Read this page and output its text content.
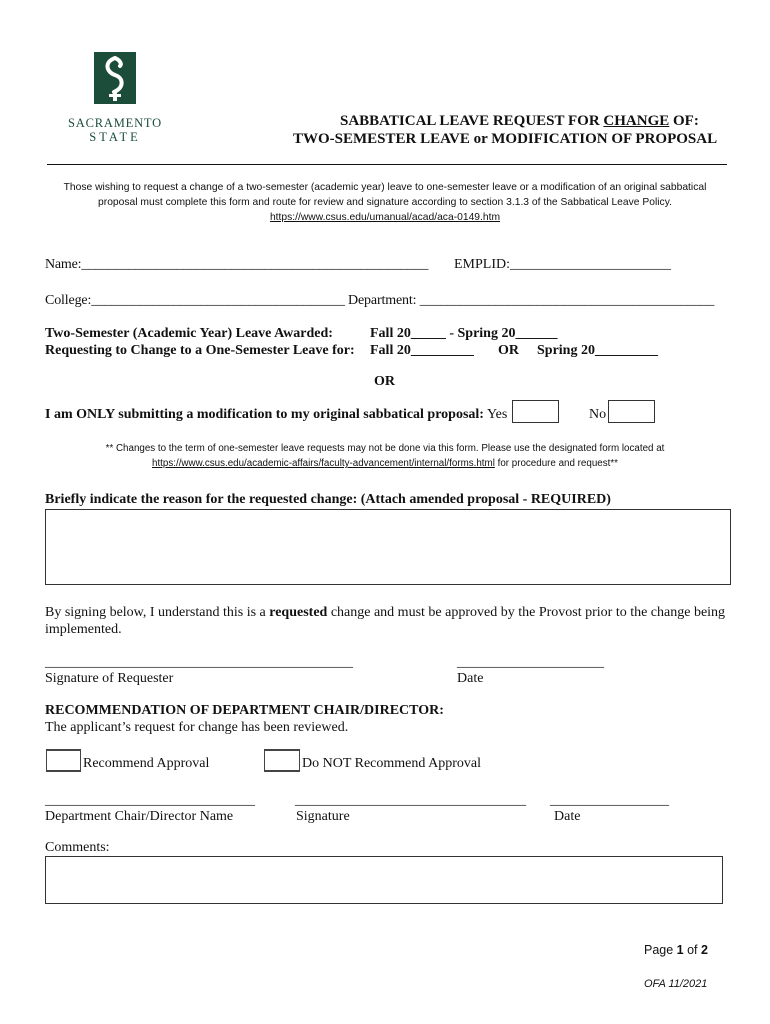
SACRAMENTO
STATE
SABBATICAL LEAVE REQUEST FOR CHANGE OF:
TWO-SEMESTER LEAVE or MODIFICATION OF PROPOSAL
Those wishing to request a change of a two-semester (academic year) leave to one-semester leave or a modification of an original sabbatical
proposal must complete this form and route for review and signature according to section 3.1.3 of the Sabbatical Leave Policy.
https://www.csus.edu/umanual/acad/aca-0149.htm
Name:___________________________________________________ EMPLID:_______________________
College:_____________________________________ Department: ___________________________________________
Two-Semester (Academic Year) Leave Awarded:	Fall 20_____ - Spring 20______
Requesting to Change to a One-Semester Leave for: Fall 20_________ OR Spring 20_________
OR
I am ONLY submitting a modification to my original sabbatical proposal: Yes	No
** Changes to the term of one-semester leave requests may not be done via this form. Please use the designated form located at
https://www.csus.edu/academic-affairs/faculty-advancement/internal/forms.html for procedure and request**
Briefly indicate the reason for the requested change: (Attach amended proposal - REQUIRED)
By signing below, I understand this is a requested change and must be approved by the Provost prior to the change being
implemented.
____________________________________________	_____________________
Signature of Requester	Date
RECOMMENDATION OF DEPARTMENT CHAIR/DIRECTOR:
The applicant’s request for change has been reviewed.
Recommend Approval	Do NOT Recommend Approval
______________________________	_________________________________ _________________
Department Chair/Director Name	Signature	Date
Comments:
Page 1 of 2
OFA 11/2021
